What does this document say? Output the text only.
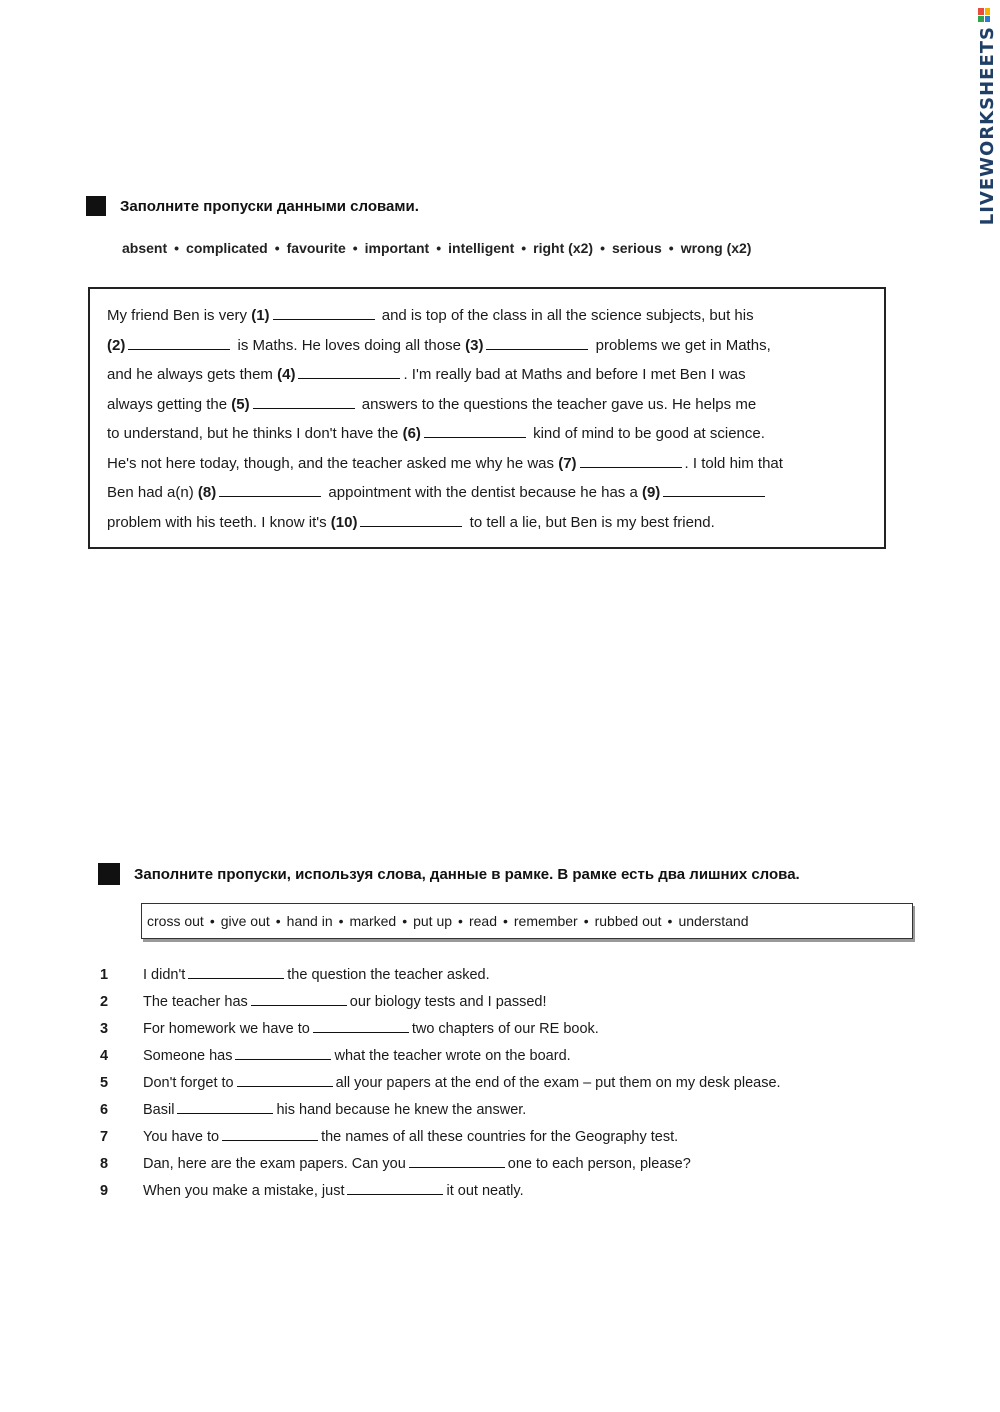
LIVEWORKSHEETS
Заполните пропуски данными словами.
absent • complicated • favourite • important • intelligent • right (x2) • serious • wrong (x2)
My friend Ben is very (1)	and is top of the class in all the science subjects, but his
(2)	is Maths. He loves doing all those (3)	problems we get in Maths,
and he always gets them (4)	. I'm really bad at Maths and before I met Ben I was
always getting the (5)	answers to the questions the teacher gave us. He helps me
to understand, but he thinks I don't have the (6)	kind of mind to be good at science.
He's not here today, though, and the teacher asked me why he was (7)	. I told him that
Ben had a(n) (8)	appointment with the dentist because he has a (9)
problem with his teeth. I know it's (10)	to tell a lie, but Ben is my best friend.
Заполните пропуски, используя слова, данные в рамке. В рамке есть два лишних слова.
cross out • give out • hand in • marked • put up • read • remember • rubbed out • understand
1 I didn't	the question the teacher asked.
2 The teacher has	our biology tests and I passed!
3 For homework we have to	two chapters of our RE book.
4 Someone has	what the teacher wrote on the board.
5 Don't forget to	all your papers at the end of the exam – put them on my desk please.
6 Basil	his hand because he knew the answer.
7 You have to	the names of all these countries for the Geography test.
8 Dan, here are the exam papers. Can you	one to each person, please?
9 When you make a mistake, just	it out neatly.
